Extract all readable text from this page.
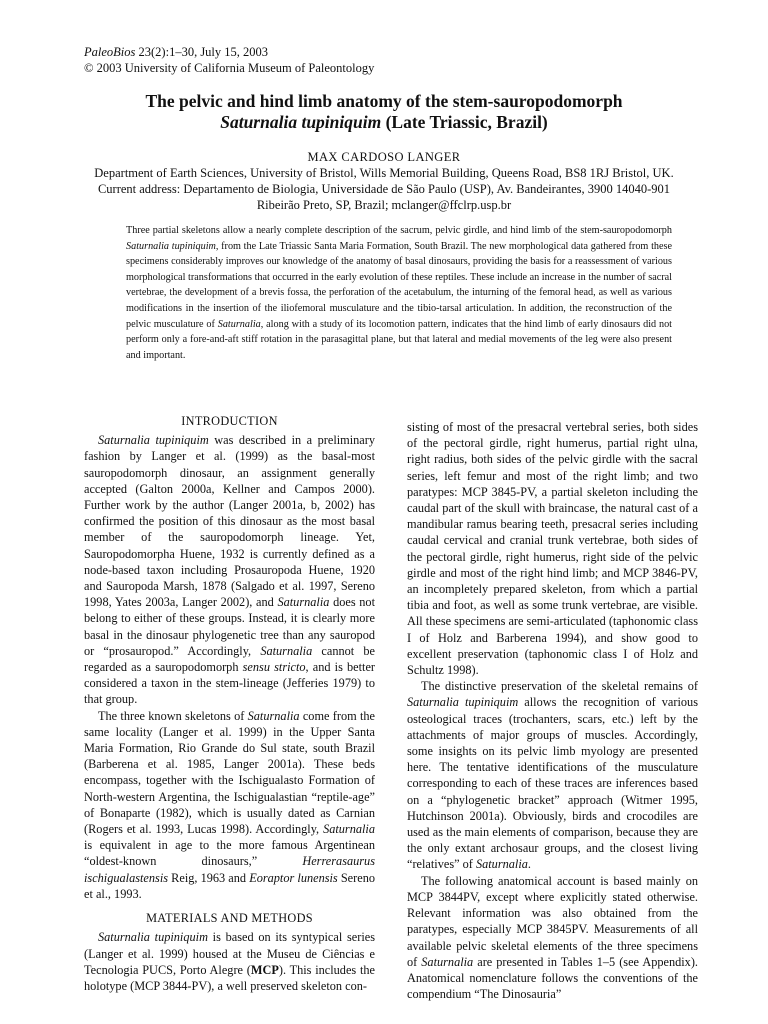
PaleoBios 23(2):1–30, July 15, 2003
© 2003 University of California Museum of Paleontology
The pelvic and hind limb anatomy of the stem-sauropodomorph
Saturnalia tupiniquim (Late Triassic, Brazil)
MAX CARDOSO LANGER
Department of Earth Sciences, University of Bristol, Wills Memorial Building, Queens Road, BS8 1RJ Bristol, UK.
Current address: Departamento de Biologia, Universidade de São Paulo (USP), Av. Bandeirantes, 3900 14040-901
Ribeirão Preto, SP, Brazil; mclanger@ffclrp.usp.br
Three partial skeletons allow a nearly complete description of the sacrum, pelvic girdle, and hind limb of the stem-sauropodomorph Saturnalia tupiniquim, from the Late Triassic Santa Maria Formation, South Brazil. The new morphological data gathered from these specimens considerably improves our knowledge of the anatomy of basal dinosaurs, providing the basis for a reassessment of various morphological transformations that occurred in the early evolution of these reptiles. These include an increase in the number of sacral vertebrae, the development of a brevis fossa, the perforation of the acetabulum, the inturning of the femoral head, as well as various modifications in the insertion of the iliofemoral musculature and the tibio-tarsal articulation. In addition, the reconstruction of the pelvic musculature of Saturnalia, along with a study of its locomotion pattern, indicates that the hind limb of early dinosaurs did not perform only a fore-and-aft stiff rotation in the parasagittal plane, but that lateral and medial movements of the leg were also present and important.
INTRODUCTION

Saturnalia tupiniquim was described in a preliminary fashion by Langer et al. (1999) as the basal-most sauropodomorph dinosaur, an assignment generally accepted (Galton 2000a, Kellner and Campos 2000). Further work by the author (Langer 2001a, b, 2002) has confirmed the position of this dinosaur as the most basal member of the sauropodomorph lineage. Yet, Sauropodomorpha Huene, 1932 is currently defined as a node-based taxon including Prosauropoda Huene, 1920 and Sauropoda Marsh, 1878 (Salgado et al. 1997, Sereno 1998, Yates 2003a, Langer 2002), and Saturnalia does not belong to either of these groups. Instead, it is clearly more basal in the dinosaur phylogenetic tree than any sauropod or “prosauropod.” Accordingly, Saturnalia cannot be regarded as a sauropodomorph sensu stricto, and is better considered a taxon in the stem-lineage (Jefferies 1979) to that group.

The three known skeletons of Saturnalia come from the same locality (Langer et al. 1999) in the Upper Santa Maria Formation, Rio Grande do Sul state, south Brazil (Barberena et al. 1985, Langer 2001a). These beds encompass, together with the Ischigualasto Formation of North-western Argentina, the Ischigualastian “reptile-age” of Bonaparte (1982), which is usually dated as Carnian (Rogers et al. 1993, Lucas 1998). Accordingly, Saturnalia is equivalent in age to the more famous Argentinean “oldest-known dinosaurs,” Herrerasaurus ischigualastensis Reig, 1963 and Eoraptor lunensis Sereno et al., 1993.

MATERIALS AND METHODS

Saturnalia tupiniquim is based on its syntypical series (Langer et al. 1999) housed at the Museu de Ciências e Tecnologia PUCS, Porto Alegre (MCP). This includes the holotype (MCP 3844-PV), a well preserved skeleton con-

sisting of most of the presacral vertebral series, both sides of the pectoral girdle, right humerus, partial right ulna, right radius, both sides of the pelvic girdle with the sacral series, left femur and most of the right limb; and two paratypes: MCP 3845-PV, a partial skeleton including the caudal part of the skull with braincase, the natural cast of a mandibular ramus bearing teeth, presacral series including caudal cervical and cranial trunk vertebrae, both sides of the pectoral girdle, right humerus, right side of the pelvic girdle and most of the right hind limb; and MCP 3846-PV, an incompletely prepared skeleton, from which a partial tibia and foot, as well as some trunk vertebrae, are visible. All these specimens are semi-articulated (taphonomic class I of Holz and Barberena 1994), and show good to excellent preservation (taphonomic class I of Holz and Schultz 1998).

The distinctive preservation of the skeletal remains of Saturnalia tupiniquim allows the recognition of various osteological traces (trochanters, scars, etc.) left by the attachments of major groups of muscles. Accordingly, some insights on its pelvic limb myology are presented here. The tentative identifications of the musculature corresponding to each of these traces are inferences based on a “phylogenetic bracket” approach (Witmer 1995, Hutchinson 2001a). Obviously, birds and crocodiles are used as the main elements of comparison, because they are the only extant archosaur groups, and the closest living “relatives” of Saturnalia.

The following anatomical account is based mainly on MCP 3844PV, except where explicitly stated otherwise. Relevant information was also obtained from the paratypes, especially MCP 3845PV. Measurements of all available pelvic skeletal elements of the three specimens of Saturnalia are presented in Tables 1–5 (see Appendix). Anatomical nomenclature follows the conventions of the compendium “The Dinosauria”
